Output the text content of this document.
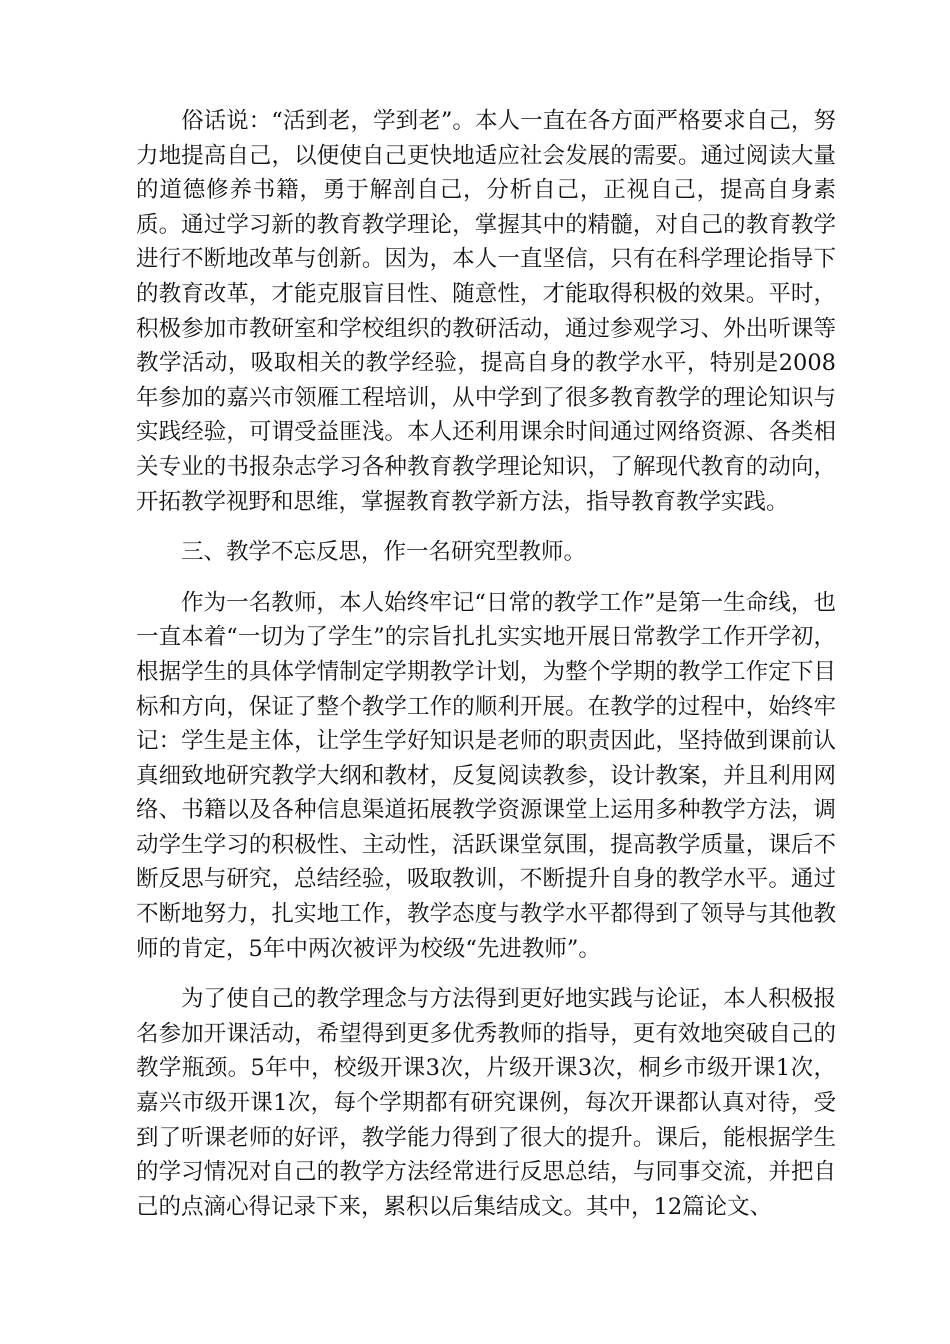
俗话说：“活到老，学到老”。本人一直在各方面严格要求自己，努力地提高自己，以便使自己更快地适应社会发展的需要。通过阅读大量的道德修养书籍，勇于解剖自己，分析自己，正视自己，提高自身素质。通过学习新的教育教学理论，掌握其中的精髓，对自己的教育教学进行不断地改革与创新。因为，本人一直坚信，只有在科学理论指导下的教育改革，才能克服盲目性、随意性，才能取得积极的效果。平时，积极参加市教研室和学校组织的教研活动，通过参观学习、外出听课等教学活动，吸取相关的教学经验，提高自身的教学水平，特别是2008年参加的嘉兴市领雁工程培训，从中学到了很多教育教学的理论知识与实践经验，可谓受益匪浅。本人还利用课余时间通过网络资源、各类相关专业的书报杂志学习各种教育教学理论知识，了解现代教育的动向，开拓教学视野和思维，掌握教育教学新方法，指导教育教学实践。

三、教学不忘反思，作一名研究型教师。

作为一名教师，本人始终牢记“日常的教学工作”是第一生命线，也一直本着“一切为了学生”的宗旨扎扎实实地开展日常教学工作开学初，根据学生的具体学情制定学期教学计划，为整个学期的教学工作定下目标和方向，保证了整个教学工作的顺利开展。在教学的过程中，始终牢记：学生是主体，让学生学好知识是老师的职责因此，坚持做到课前认真细致地研究教学大纲和教材，反复阅读教参，设计教案，并且利用网络、书籍以及各种信息渠道拓展教学资源课堂上运用多种教学方法，调动学生学习的积极性、主动性，活跃课堂氛围，提高教学质量，课后不断反思与研究，总结经验，吸取教训，不断提升自身的教学水平。通过不断地努力，扎实地工作，教学态度与教学水平都得到了领导与其他教师的肯定，5年中两次被评为校级“先进教师”。

为了使自己的教学理念与方法得到更好地实践与论证，本人积极报名参加开课活动，希望得到更多优秀教师的指导，更有效地突破自己的教学瓶颈。5年中，校级开课3次，片级开课3次，桐乡市级开课1次，嘉兴市级开课1次，每个学期都有研究课例，每次开课都认真对待，受到了听课老师的好评，教学能力得到了很大的提升。课后，能根据学生的学习情况对自己的教学方法经常进行反思总结，与同事交流，并把自己的点滴心得记录下来，累积以后集结成文。其中，12篇论文、
